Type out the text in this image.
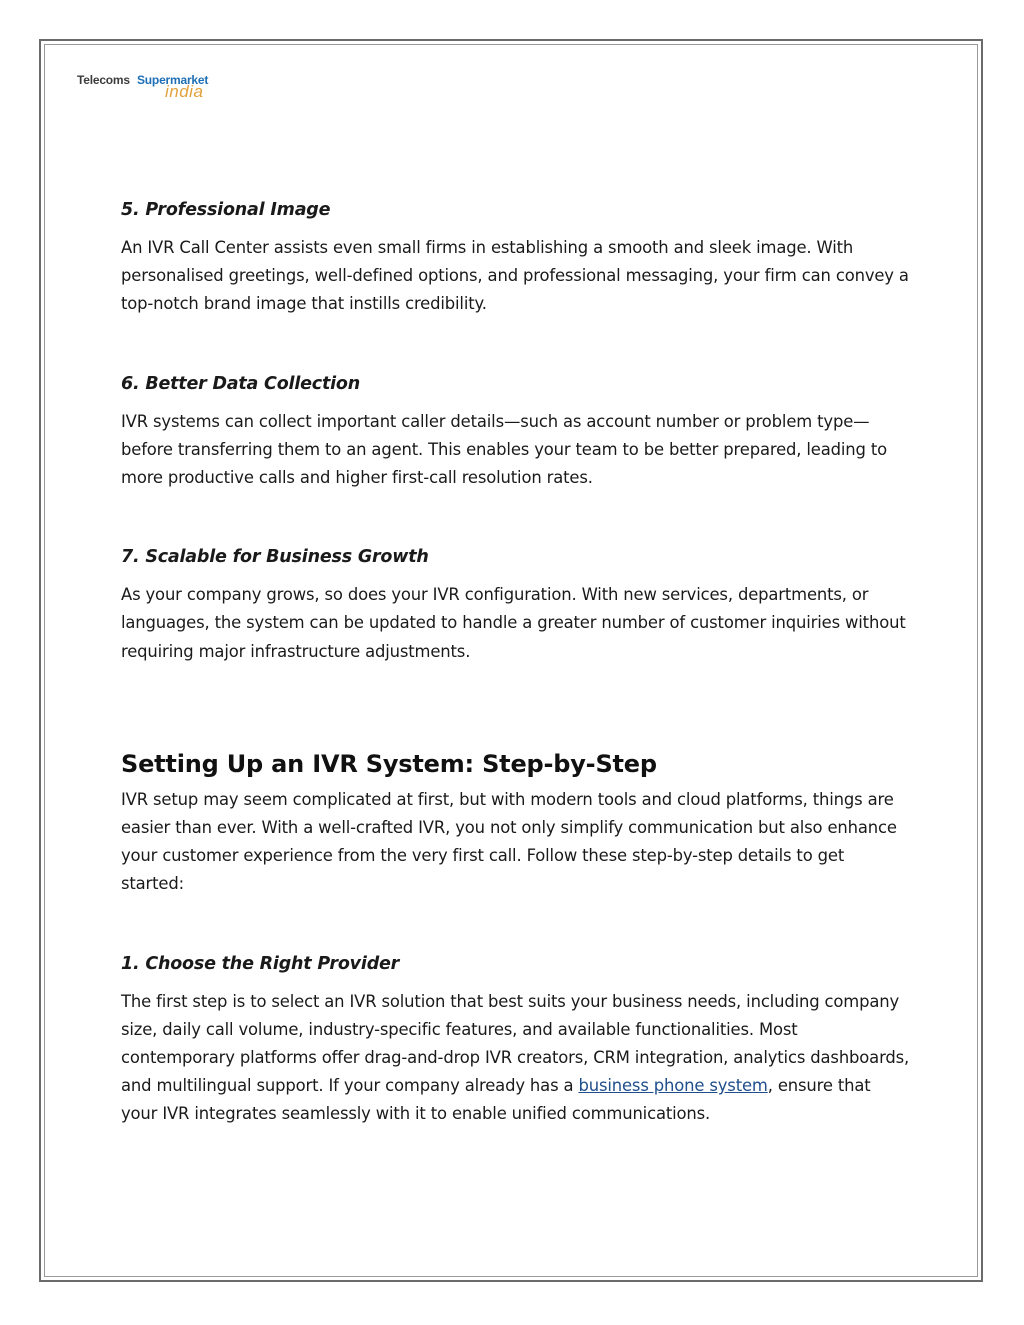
Telecoms Supermarket
india

5. Professional Image

An IVR Call Center assists even small firms in establishing a smooth and sleek image. With personalised greetings, well-defined options, and professional messaging, your firm can convey a top-notch brand image that instills credibility.

6. Better Data Collection

IVR systems can collect important caller details—such as account number or problem type—before transferring them to an agent. This enables your team to be better prepared, leading to more productive calls and higher first-call resolution rates.

7. Scalable for Business Growth

As your company grows, so does your IVR configuration. With new services, departments, or languages, the system can be updated to handle a greater number of customer inquiries without requiring major infrastructure adjustments.

Setting Up an IVR System: Step-by-Step

IVR setup may seem complicated at first, but with modern tools and cloud platforms, things are easier than ever. With a well-crafted IVR, you not only simplify communication but also enhance your customer experience from the very first call. Follow these step-by-step details to get started:

1. Choose the Right Provider

The first step is to select an IVR solution that best suits your business needs, including company size, daily call volume, industry-specific features, and available functionalities. Most contemporary platforms offer drag-and-drop IVR creators, CRM integration, analytics dashboards, and multilingual support. If your company already has a business phone system, ensure that your IVR integrates seamlessly with it to enable unified communications.
